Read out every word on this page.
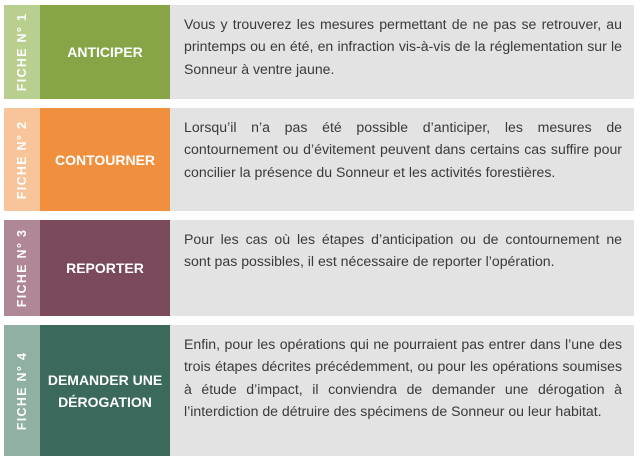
FICHE N° 1	ANTICIPER
Vous y trouverez les mesures permettant de ne pas se retrouver, au printemps ou en été, en infraction vis-à-vis de la réglementation sur le Sonneur à ventre jaune.
FICHE N° 2	CONTOURNER
Lorsqu’il n’a pas été possible d’anticiper, les mesures de contournement ou d’évitement peuvent dans certains cas suffire pour concilier la présence du Sonneur et les activités forestières.
FICHE N° 3	REPORTER
Pour les cas où les étapes d’anticipation ou de contournement ne sont pas possibles, il est nécessaire de reporter l’opération.
FICHE N° 4	DEMANDER UNE DÉROGATION
Enfin, pour les opérations qui ne pourraient pas entrer dans l’une des trois étapes décrites précédemment, ou pour les opérations soumises à étude d’impact, il conviendra de demander une dérogation à l’interdiction de détruire des spécimens de Sonneur ou leur habitat.
